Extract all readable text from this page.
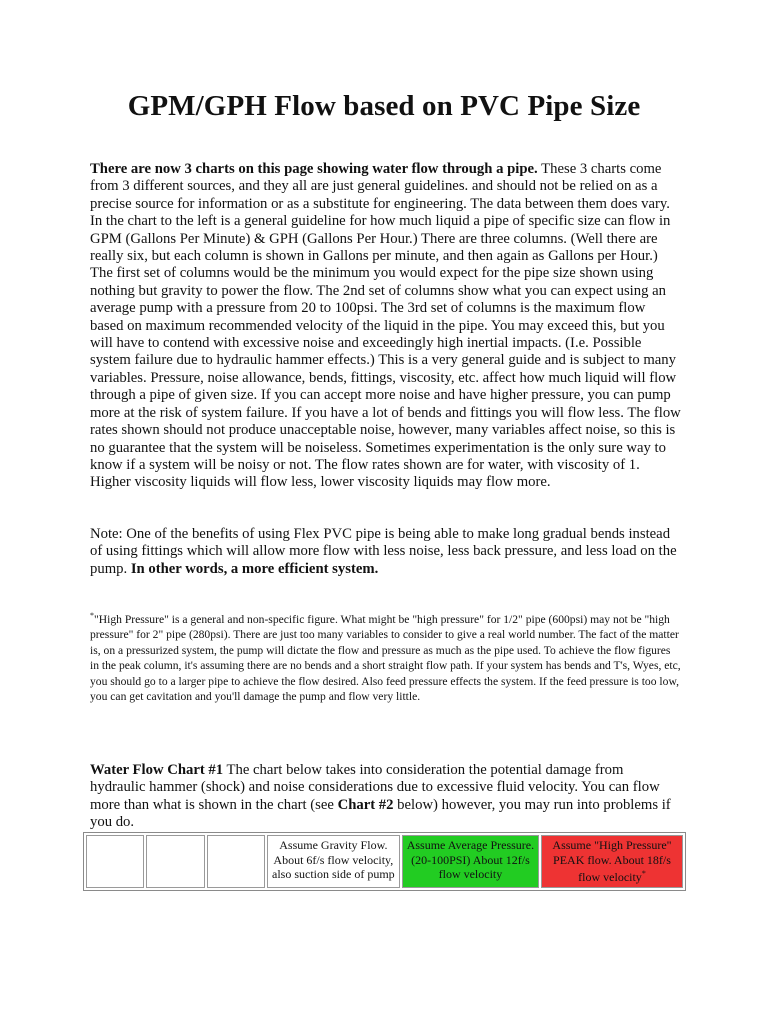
GPM/GPH Flow based on PVC Pipe Size

There are now 3 charts on this page showing water flow through a pipe. These 3 charts come from 3 different sources, and they all are just general guidelines. and should not be relied on as a precise source for information or as a substitute for engineering. The data between them does vary. In the chart to the left is a general guideline for how much liquid a pipe of specific size can flow in GPM (Gallons Per Minute) & GPH (Gallons Per Hour.) There are three columns. (Well there are really six, but each column is shown in Gallons per minute, and then again as Gallons per Hour.) The first set of columns would be the minimum you would expect for the pipe size shown using nothing but gravity to power the flow. The 2nd set of columns show what you can expect using an average pump with a pressure from 20 to 100psi. The 3rd set of columns is the maximum flow based on maximum recommended velocity of the liquid in the pipe. You may exceed this, but you will have to contend with excessive noise and exceedingly high inertial impacts. (I.e. Possible system failure due to hydraulic hammer effects.) This is a very general guide and is subject to many variables. Pressure, noise allowance, bends, fittings, viscosity, etc. affect how much liquid will flow through a pipe of given size. If you can accept more noise and have higher pressure, you can pump more at the risk of system failure. If you have a lot of bends and fittings you will flow less. The flow rates shown should not produce unacceptable noise, however, many variables affect noise, so this is no guarantee that the system will be noiseless. Sometimes experimentation is the only sure way to know if a system will be noisy or not. The flow rates shown are for water, with viscosity of 1. Higher viscosity liquids will flow less, lower viscosity liquids may flow more.

Note: One of the benefits of using Flex PVC pipe is being able to make long gradual bends instead of using fittings which will allow more flow with less noise, less back pressure, and less load on the pump. In other words, a more efficient system.

*"High Pressure" is a general and non-specific figure. What might be "high pressure" for 1/2" pipe (600psi) may not be "high pressure" for 2" pipe (280psi). There are just too many variables to consider to give a real world number. The fact of the matter is, on a pressurized system, the pump will dictate the flow and pressure as much as the pipe used. To achieve the flow figures in the peak column, it's assuming there are no bends and a short straight flow path. If your system has bends and T's, Wyes, etc, you should go to a larger pipe to achieve the flow desired. Also feed pressure effects the system. If the feed pressure is too low, you can get cavitation and you'll damage the pump and flow very little.

Water Flow Chart #1 The chart below takes into consideration the potential damage from hydraulic hammer (shock) and noise considerations due to excessive fluid velocity. You can flow more than what is shown in the chart (see Chart #2 below) however, you may run into problems if you do.

			Assume Gravity Flow. About 6f/s flow velocity, also suction side of pump	Assume Average Pressure. (20-100PSI) About 12f/s flow velocity	Assume "High Pressure" PEAK flow. About 18f/s flow velocity*
